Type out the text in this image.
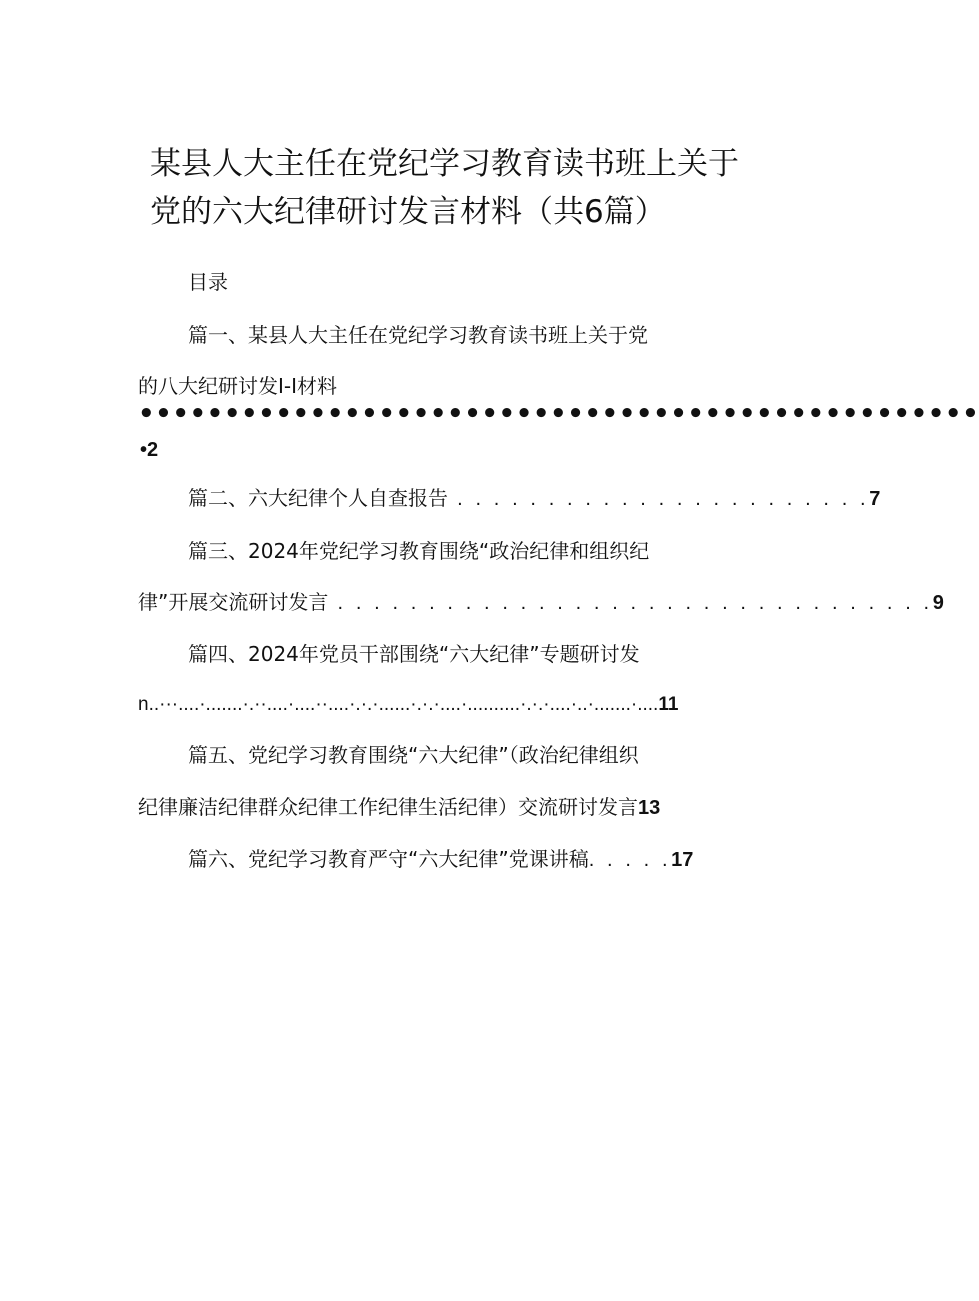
某县人大主任在党纪学习教育读书班上关于
党的六大纪律研讨发言材料（共6篇）
目录
篇一、某县人大主任在党纪学习教育读书班上关于党
的八大纪研讨发I-I材料
•••••••••••••••••••••••••••••••••••••••••••••••••
•2
篇二、六大纪律个人自查报告 . . . . . . . . . . . . . . . . . . . . . . .7
篇三、2024年党纪学习教育围绕“政治纪律和组织纪
律”开展交流研讨发言 . . . . . . . . . . . . . . . . . . . . . . . . . . . . . . . . .9
篇四、2024年党员干部围绕“六大纪律”专题研讨发
n..···....·.......·.··....·....··....·.·.·......·.·.·....·..........·.·.·....·..·.......·....11
篇五、党纪学习教育围绕“六大纪律”（政治纪律组织
纪律廉洁纪律群众纪律工作纪律生活纪律）交流研讨发言13
篇六、党纪学习教育严守“六大纪律”党课讲稿. . . . .17
